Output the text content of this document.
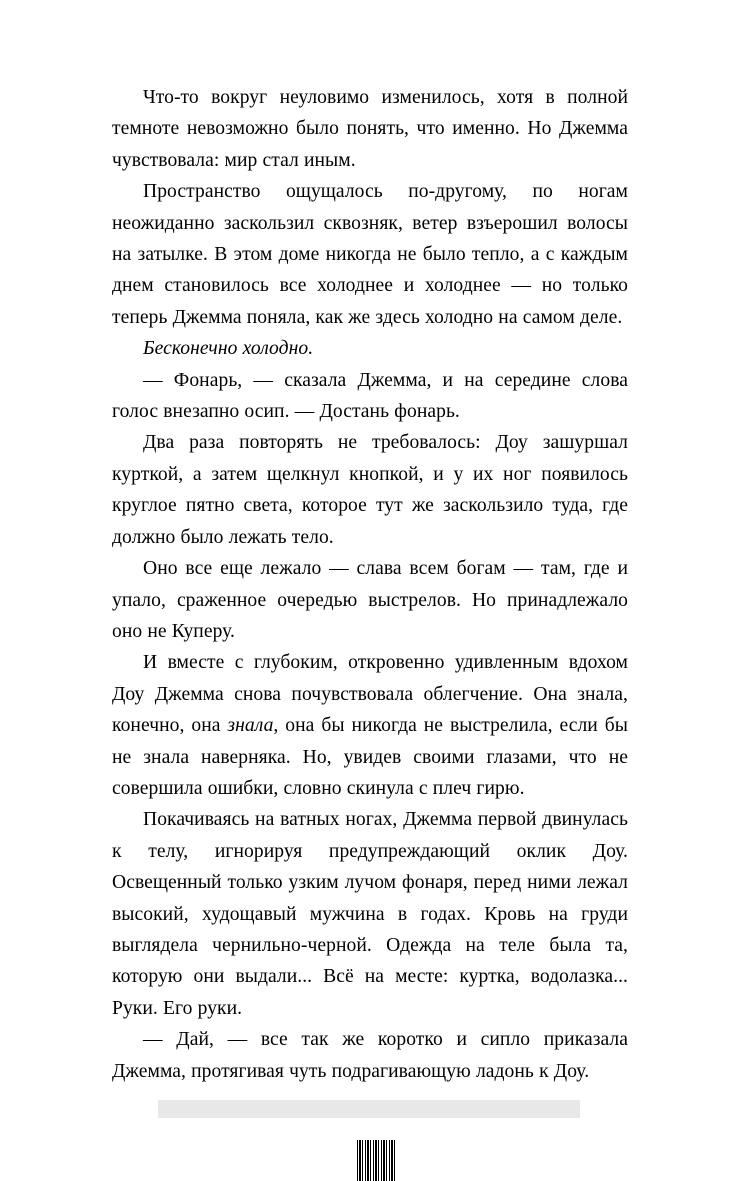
Что-то вокруг неуловимо изменилось, хотя в полной темноте невозможно было понять, что именно. Но Джемма чувствовала: мир стал иным.

Пространство ощущалось по-другому, по ногам неожиданно заскользил сквозняк, ветер взъерошил волосы на затылке. В этом доме никогда не было тепло, а с каждым днем становилось все холоднее и холоднее — но только теперь Джемма поняла, как же здесь холодно на самом деле.

Бесконечно холодно.

— Фонарь, — сказала Джемма, и на середине слова голос внезапно осип. — Достань фонарь.

Два раза повторять не требовалось: Доу зашуршал курткой, а затем щелкнул кнопкой, и у их ног появилось круглое пятно света, которое тут же заскользило туда, где должно было лежать тело.

Оно все еще лежало — слава всем богам — там, где и упало, сраженное очередью выстрелов. Но принадлежало оно не Куперу.

И вместе с глубоким, откровенно удивленным вдохом Доу Джемма снова почувствовала облегчение. Она знала, конечно, она знала, она бы никогда не выстрелила, если бы не знала наверняка. Но, увидев своими глазами, что не совершила ошибки, словно скинула с плеч гирю.

Покачиваясь на ватных ногах, Джемма первой двинулась к телу, игнорируя предупреждающий оклик Доу. Освещенный только узким лучом фонаря, перед ними лежал высокий, худощавый мужчина в годах. Кровь на груди выглядела чернильно-черной. Одежда на теле была та, которую они выдали... Всё на месте: куртка, водолазка... Руки. Его руки.

— Дай, — все так же коротко и сипло приказала Джемма, протягивая чуть подрагивающую ладонь к Доу.
